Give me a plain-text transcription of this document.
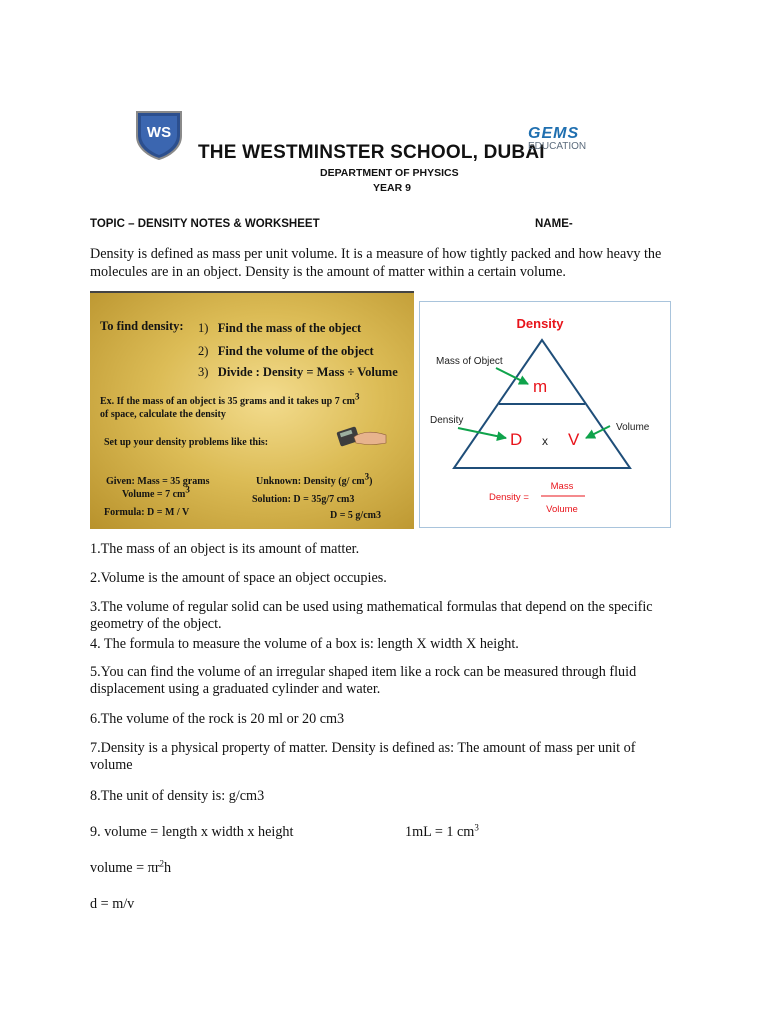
WS
THE WESTMINSTER SCHOOL, DUBAI
DEPARTMENT OF PHYSICS
YEAR 9
GEMS
EDUCATION
TOPIC – DENSITY NOTES & WORKSHEET	NAME-
Density is defined as mass per unit volume. It is a measure of how tightly packed and how heavy the molecules are in an object. Density is the amount of matter within a certain volume.
To find density: 1) Find the mass of the object
2) Find the volume of the object
3) Divide : Density = Mass ÷ Volume
Ex. If the mass of an object is 35 grams and it takes up 7 $cm^3$
of space, calculate the density
Set up your density problems like this:
Given: Mass = 35 grams
Volume = 7 $cm^3$
Formula: D = M / V
Unknown: Density (g/ $cm^3$)
Solution: D = 35g/7 cm3
D = 5 g/cm3
Density
Mass of Object
m
Density
D x V
Volume
Density =
Mass
Volume
1.The mass of an object is its amount of matter.
2.Volume is the amount of space an object occupies.
3.The volume of regular solid can be used using mathematical formulas that depend on the specific geometry of the object.
4. The formula to measure the volume of a box is: length X width X height.
5.You can find the volume of an irregular shaped item like a rock can be measured through fluid displacement using a graduated cylinder and water.
6.The volume of the rock is 20 ml or 20 cm3
7.Density is a physical property of matter. Density is defined as: The amount of mass per unit of volume
8.The unit of density is: g/cm3
9. volume = length x width x height	1mL = 1 $cm^3$
volume = $\pi r^2h$
d = m/v
